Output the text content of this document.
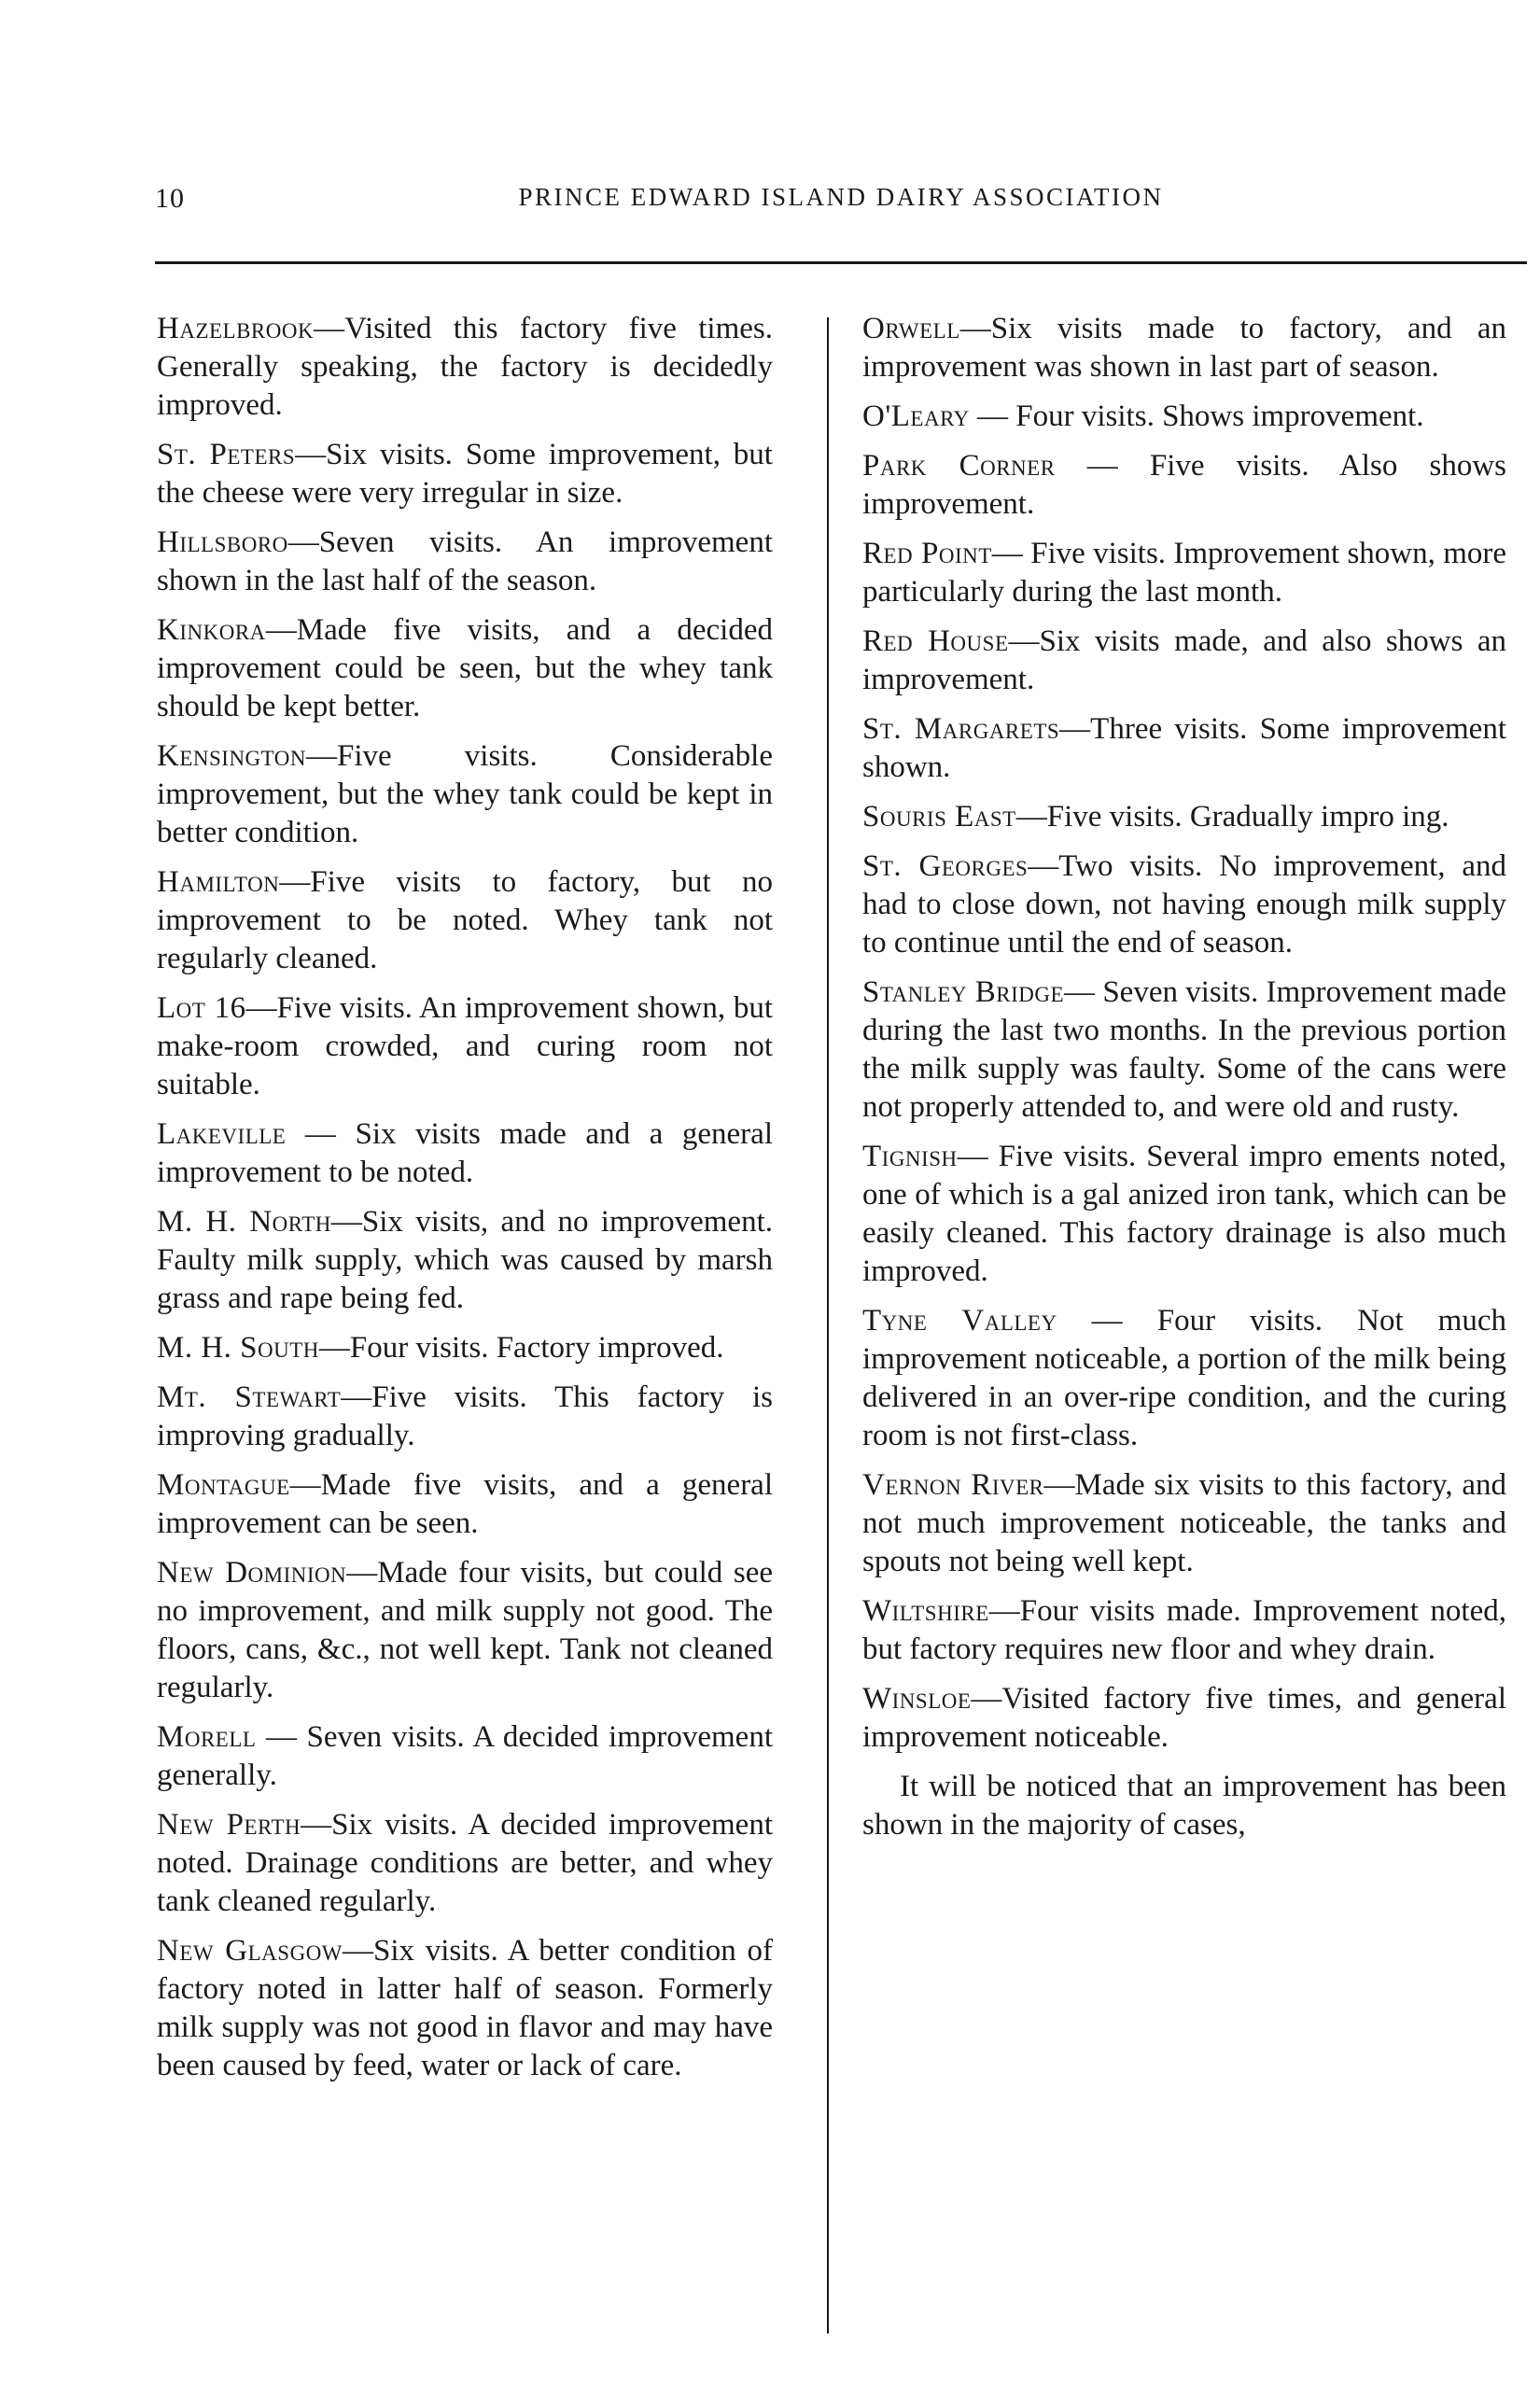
10	PRINCE EDWARD ISLAND DAIRY ASSOCIATION

Hazelbrook—Visited this factory five times. Generally speaking, the factory is decidedly improved.

St. Peters—Six visits. Some improvement, but the cheese were very irregular in size.

Hillsboro—Seven visits. An improvement shown in the last half of the season.

Kinkora—Made five visits, and a decided improvement could be seen, but the whey tank should be kept better.

Kensington—Five visits. Considerable improvement, but the whey tank could be kept in better condition.

Hamilton—Five visits to factory, but no improvement to be noted. Whey tank not regularly cleaned.

Lot 16—Five visits. An improvement shown, but make-room crowded, and curing room not suitable.

Lakeville — Six visits made and a general improvement to be noted.

M. H. North—Six visits, and no improvement. Faulty milk supply, which was caused by marsh grass and rape being fed.

M. H. South—Four visits. Factory improved.

Mt. Stewart—Five visits. This factory is improving gradually.

Montague—Made five visits, and a general improvement can be seen.

New Dominion—Made four visits, but could see no improvement, and milk supply not good. The floors, cans, &c., not well kept. Tank not cleaned regularly.

Morell — Seven visits. A decided improvement generally.

New Perth—Six visits. A decided improvement noted. Drainage conditions are better, and whey tank cleaned regularly.

New Glasgow—Six visits. A better condition of factory noted in latter half of season. Formerly milk supply was not good in flavor and may have been caused by feed, water or lack of care.

Orwell—Six visits made to factory, and an improvement was shown in last part of season.

O'Leary — Four visits. Shows improvement.

Park Corner — Five visits. Also shows improvement.

Red Point— Five visits. Improvement shown, more particularly during the last month.

Red House—Six visits made, and also shows an improvement.

St. Margarets—Three visits. Some improvement shown.

Souris East—Five visits. Gradually impro ing.

St. Georges—Two visits. No improvement, and had to close down, not having enough milk supply to continue until the end of season.

Stanley Bridge— Seven visits. Improvement made during the last two months. In the previous portion the milk supply was faulty. Some of the cans were not properly attended to, and were old and rusty.

Tignish— Five visits. Several impro ements noted, one of which is a gal anized iron tank, which can be easily cleaned. This factory drainage is also much improved.

Tyne Valley — Four visits. Not much improvement noticeable, a portion of the milk being delivered in an over-ripe condition, and the curing room is not first-class.

Vernon River—Made six visits to this factory, and not much improvement noticeable, the tanks and spouts not being well kept.

Wiltshire—Four visits made. Improvement noted, but factory requires new floor and whey drain.

Winsloe—Visited factory five times, and general improvement noticeable.

It will be noticed that an improvement has been shown in the majority of cases,
